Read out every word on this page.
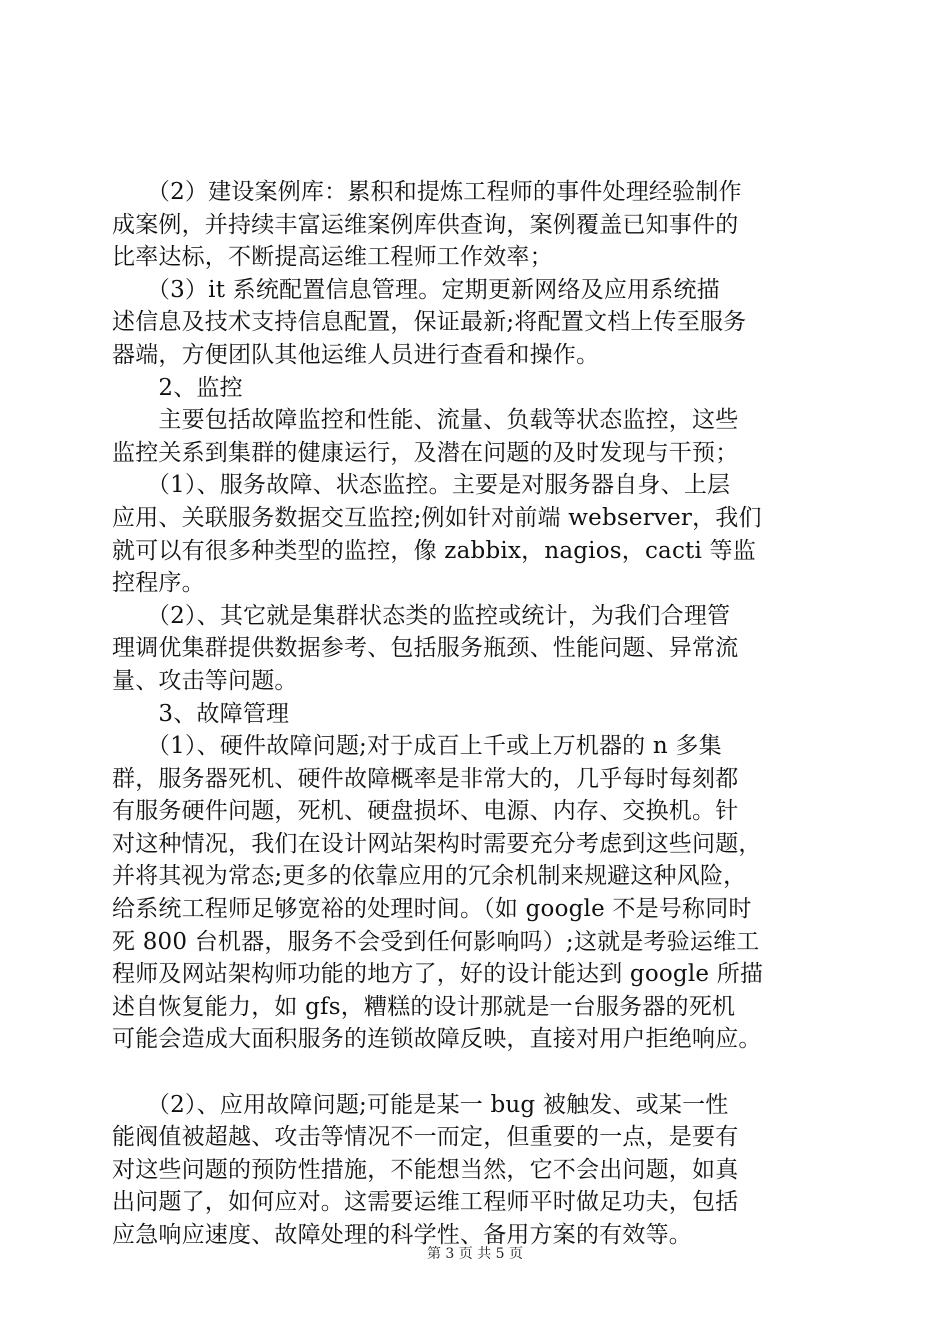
　　（2）建设案例库：累积和提炼工程师的事件处理经验制作
成案例，并持续丰富运维案例库供查询，案例覆盖已知事件的
比率达标，不断提高运维工程师工作效率；
　　（3）it 系统配置信息管理。定期更新网络及应用系统描
述信息及技术支持信息配置，保证最新;将配置文档上传至服务
器端，方便团队其他运维人员进行查看和操作。
　　2、监控
　　主要包括故障监控和性能、流量、负载等状态监控，这些
监控关系到集群的健康运行，及潜在问题的及时发现与干预；
　　（1）、服务故障、状态监控。主要是对服务器自身、上层
应用、关联服务数据交互监控;例如针对前端 webserver，我们
就可以有很多种类型的监控，像 zabbix，nagios，cacti 等监
控程序。
　　（2）、其它就是集群状态类的监控或统计，为我们合理管
理调优集群提供数据参考、包括服务瓶颈、性能问题、异常流
量、攻击等问题。
　　3、故障管理
　　（1）、硬件故障问题;对于成百上千或上万机器的 n 多集
群，服务器死机、硬件故障概率是非常大的，几乎每时每刻都
有服务硬件问题，死机、硬盘损坏、电源、内存、交换机。针
对这种情况，我们在设计网站架构时需要充分考虑到这些问题，
并将其视为常态;更多的依靠应用的冗余机制来规避这种风险，
给系统工程师足够宽裕的处理时间。（如 google 不是号称同时
死 800 台机器，服务不会受到任何影响吗）;这就是考验运维工
程师及网站架构师功能的地方了，好的设计能达到 google 所描
述自恢复能力，如 gfs，糟糕的设计那就是一台服务器的死机
可能会造成大面积服务的连锁故障反映，直接对用户拒绝响应。
　　（2）、应用故障问题;可能是某一 bug 被触发、或某一性
能阀值被超越、攻击等情况不一而定，但重要的一点，是要有
对这些问题的预防性措施，不能想当然，它不会出问题，如真
出问题了，如何应对。这需要运维工程师平时做足功夫，包括
应急响应速度、故障处理的科学性、备用方案的有效等。
第 3 页 共 5 页
